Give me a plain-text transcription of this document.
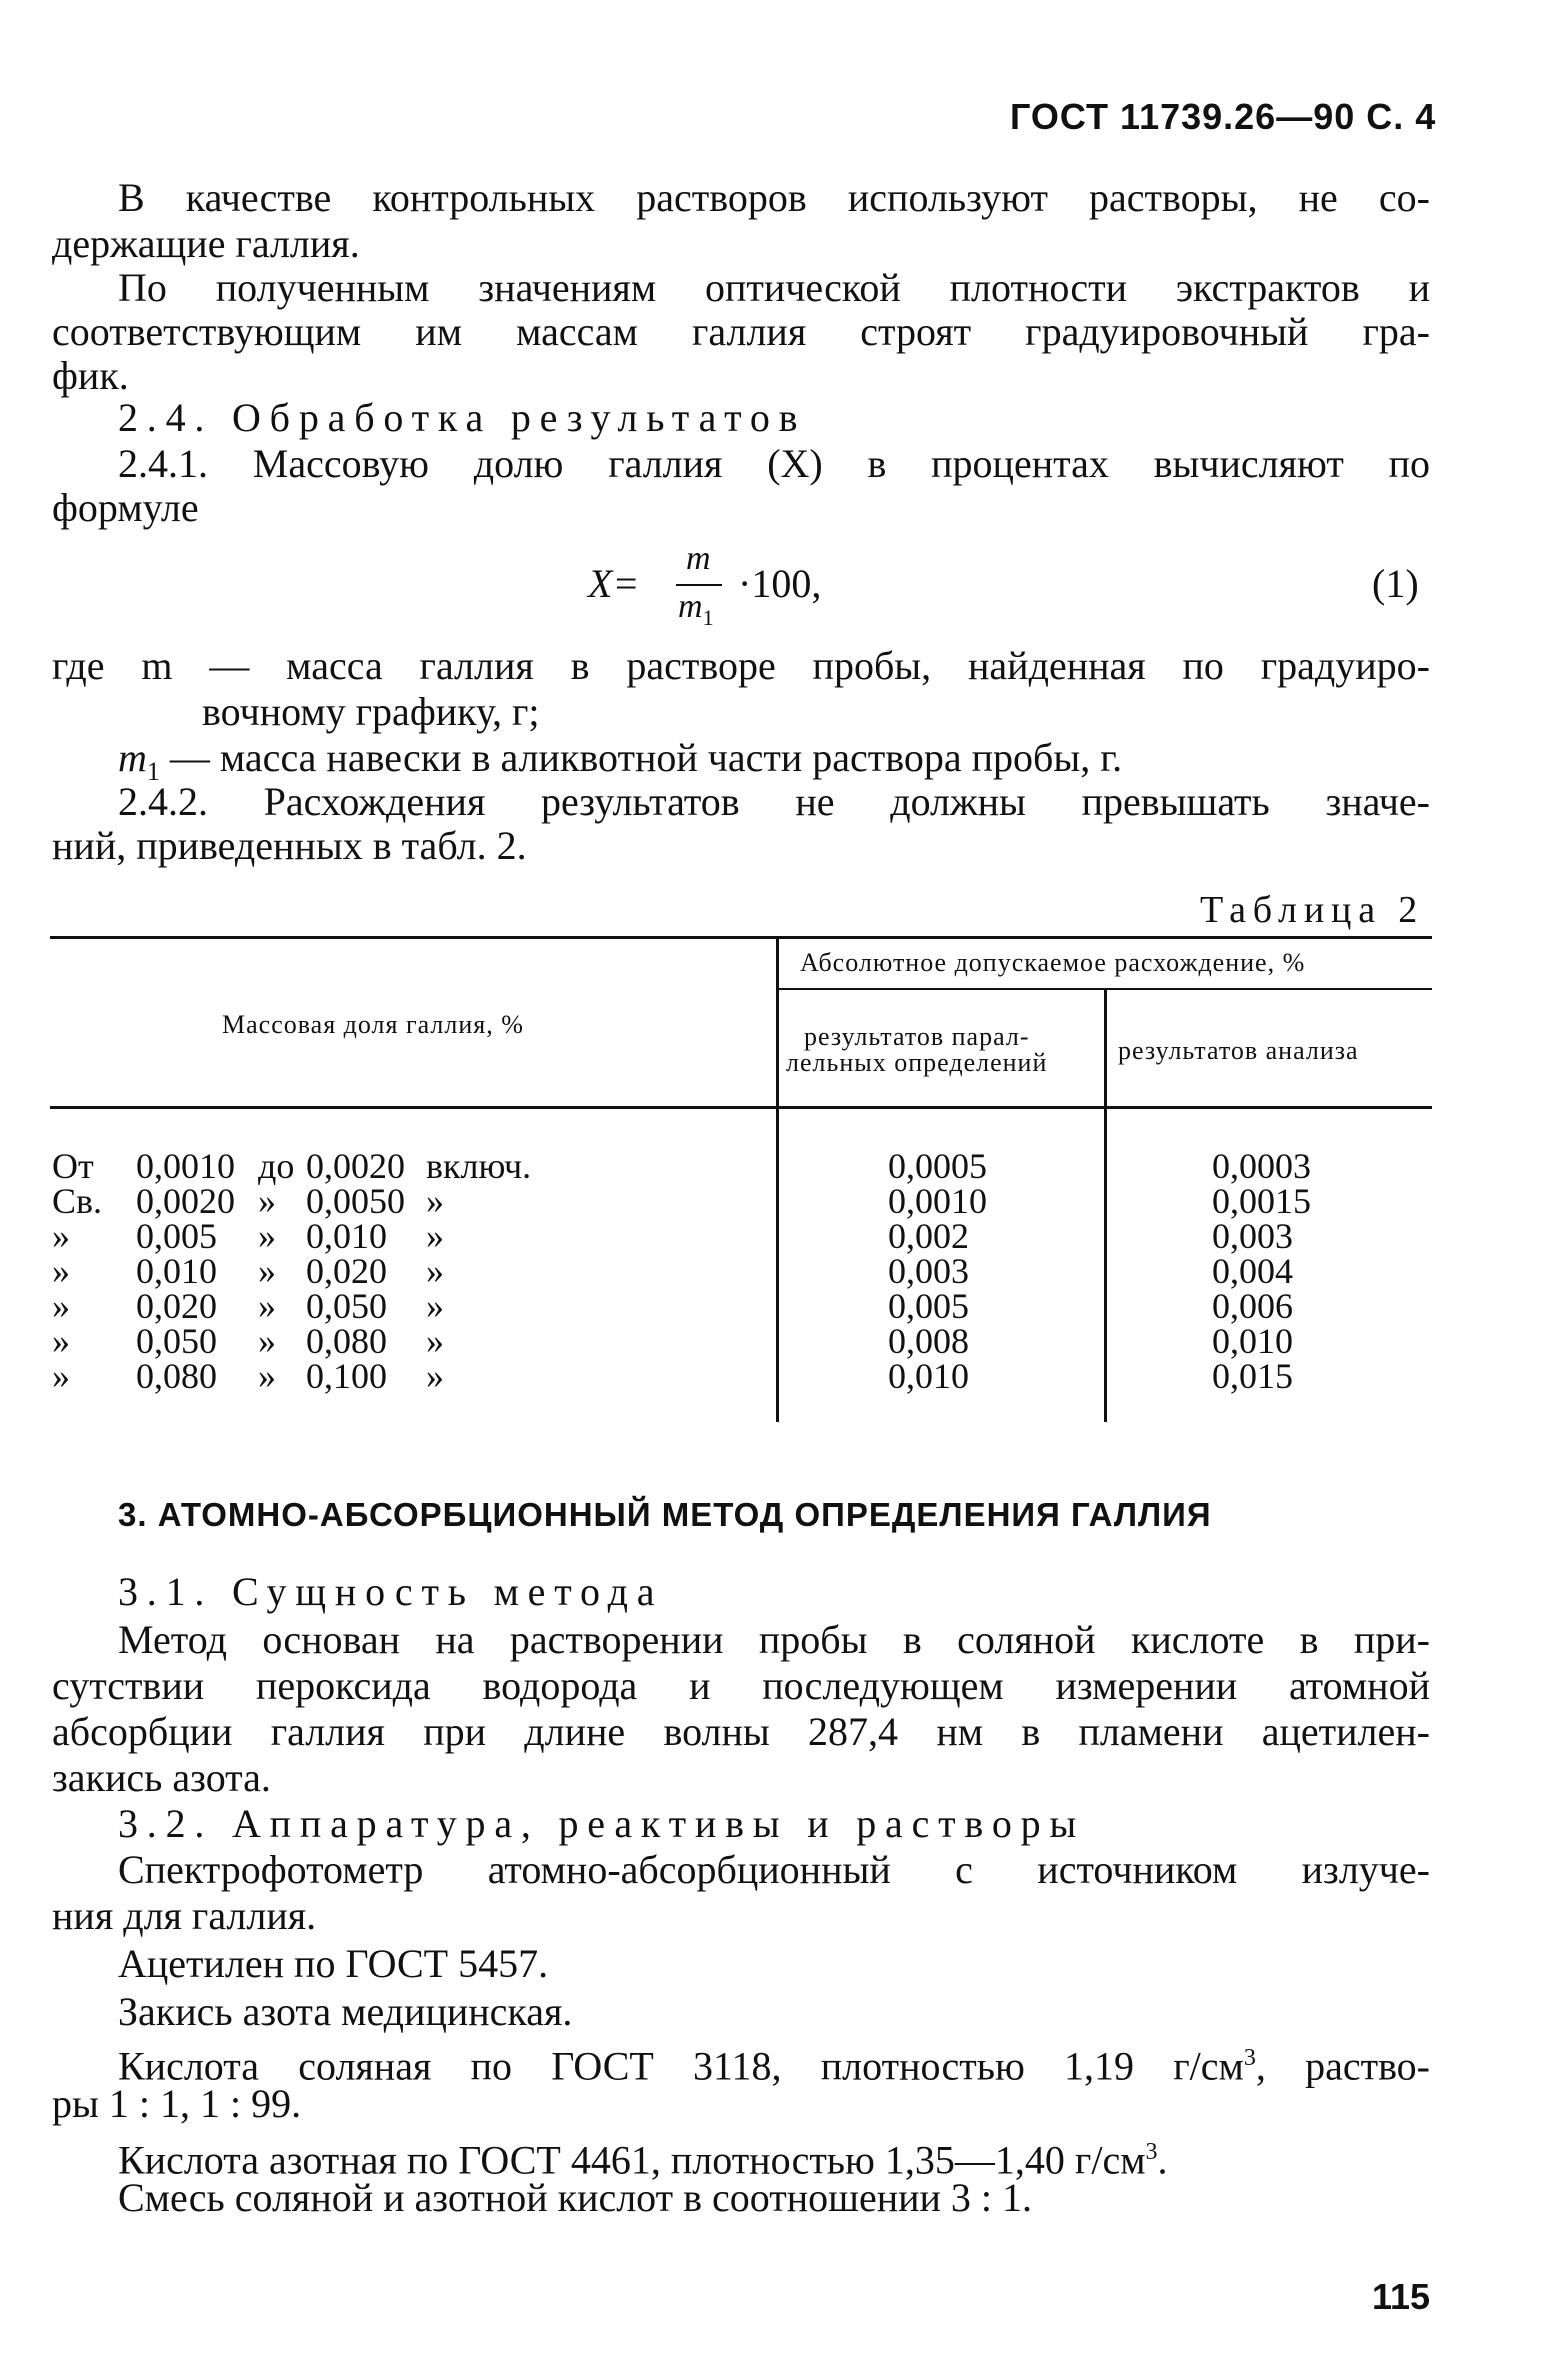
ГОСТ 11739.26—90 С. 4
В качестве контрольных растворов используют растворы, не со-
держащие галлия.
По полученным значениям оптической плотности экстрактов и
соответствующим им массам галлия строят градуировочный гра-
фик.
2.4. Обработка результатов
2.4.1. Массовую долю галлия (X) в процентах вычисляют по
формуле
X=
m
$m_1$
·100,	(1)
где m — масса галлия в растворе пробы, найденная по градуиро-
вочному графику, г;
$m_1$ — масса навески в аликвотной части раствора пробы, г.
2.4.2. Расхождения результатов не должны превышать значе-
ний, приведенных в табл. 2.
Таблица 2
Массовая доля галлия, %
Абсолютное допускаемое расхождение, %
результатов парал-
лельных определений	результатов анализа
От 0,0010 до 0,0020 включ.	0,0005	0,0003
Св. 0,0020 » 0,0050 »	0,0010	0,0015
» 0,005 » 0,010 »	0,002	0,003
» 0,010 » 0,020 »	0,003	0,004
» 0,020 » 0,050 »	0,005	0,006
» 0,050 » 0,080 »	0,008	0,010
» 0,080 » 0,100 »	0,010	0,015
3. АТОМНО-АБСОРБЦИОННЫЙ МЕТОД ОПРЕДЕЛЕНИЯ ГАЛЛИЯ
3.1. Сущность метода
Метод основан на растворении пробы в соляной кислоте в при-
сутствии пероксида водорода и последующем измерении атомной
абсорбции галлия при длине волны 287,4 нм в пламени ацетилен-
закись азота.
3.2. Аппаратура, реактивы и растворы
Спектрофотометр атомно-абсорбционный с источником излуче-
ния для галлия.
Ацетилен по ГОСТ 5457.
Закись азота медицинская.
Кислота соляная по ГОСТ 3118, плотностью 1,19 $г/см^3$, раство-
ры 1 : 1, 1 : 99.
Кислота азотная по ГОСТ 4461, плотностью 1,35—1,40 $г/см^3$.
Смесь соляной и азотной кислот в соотношении 3 : 1.
115
